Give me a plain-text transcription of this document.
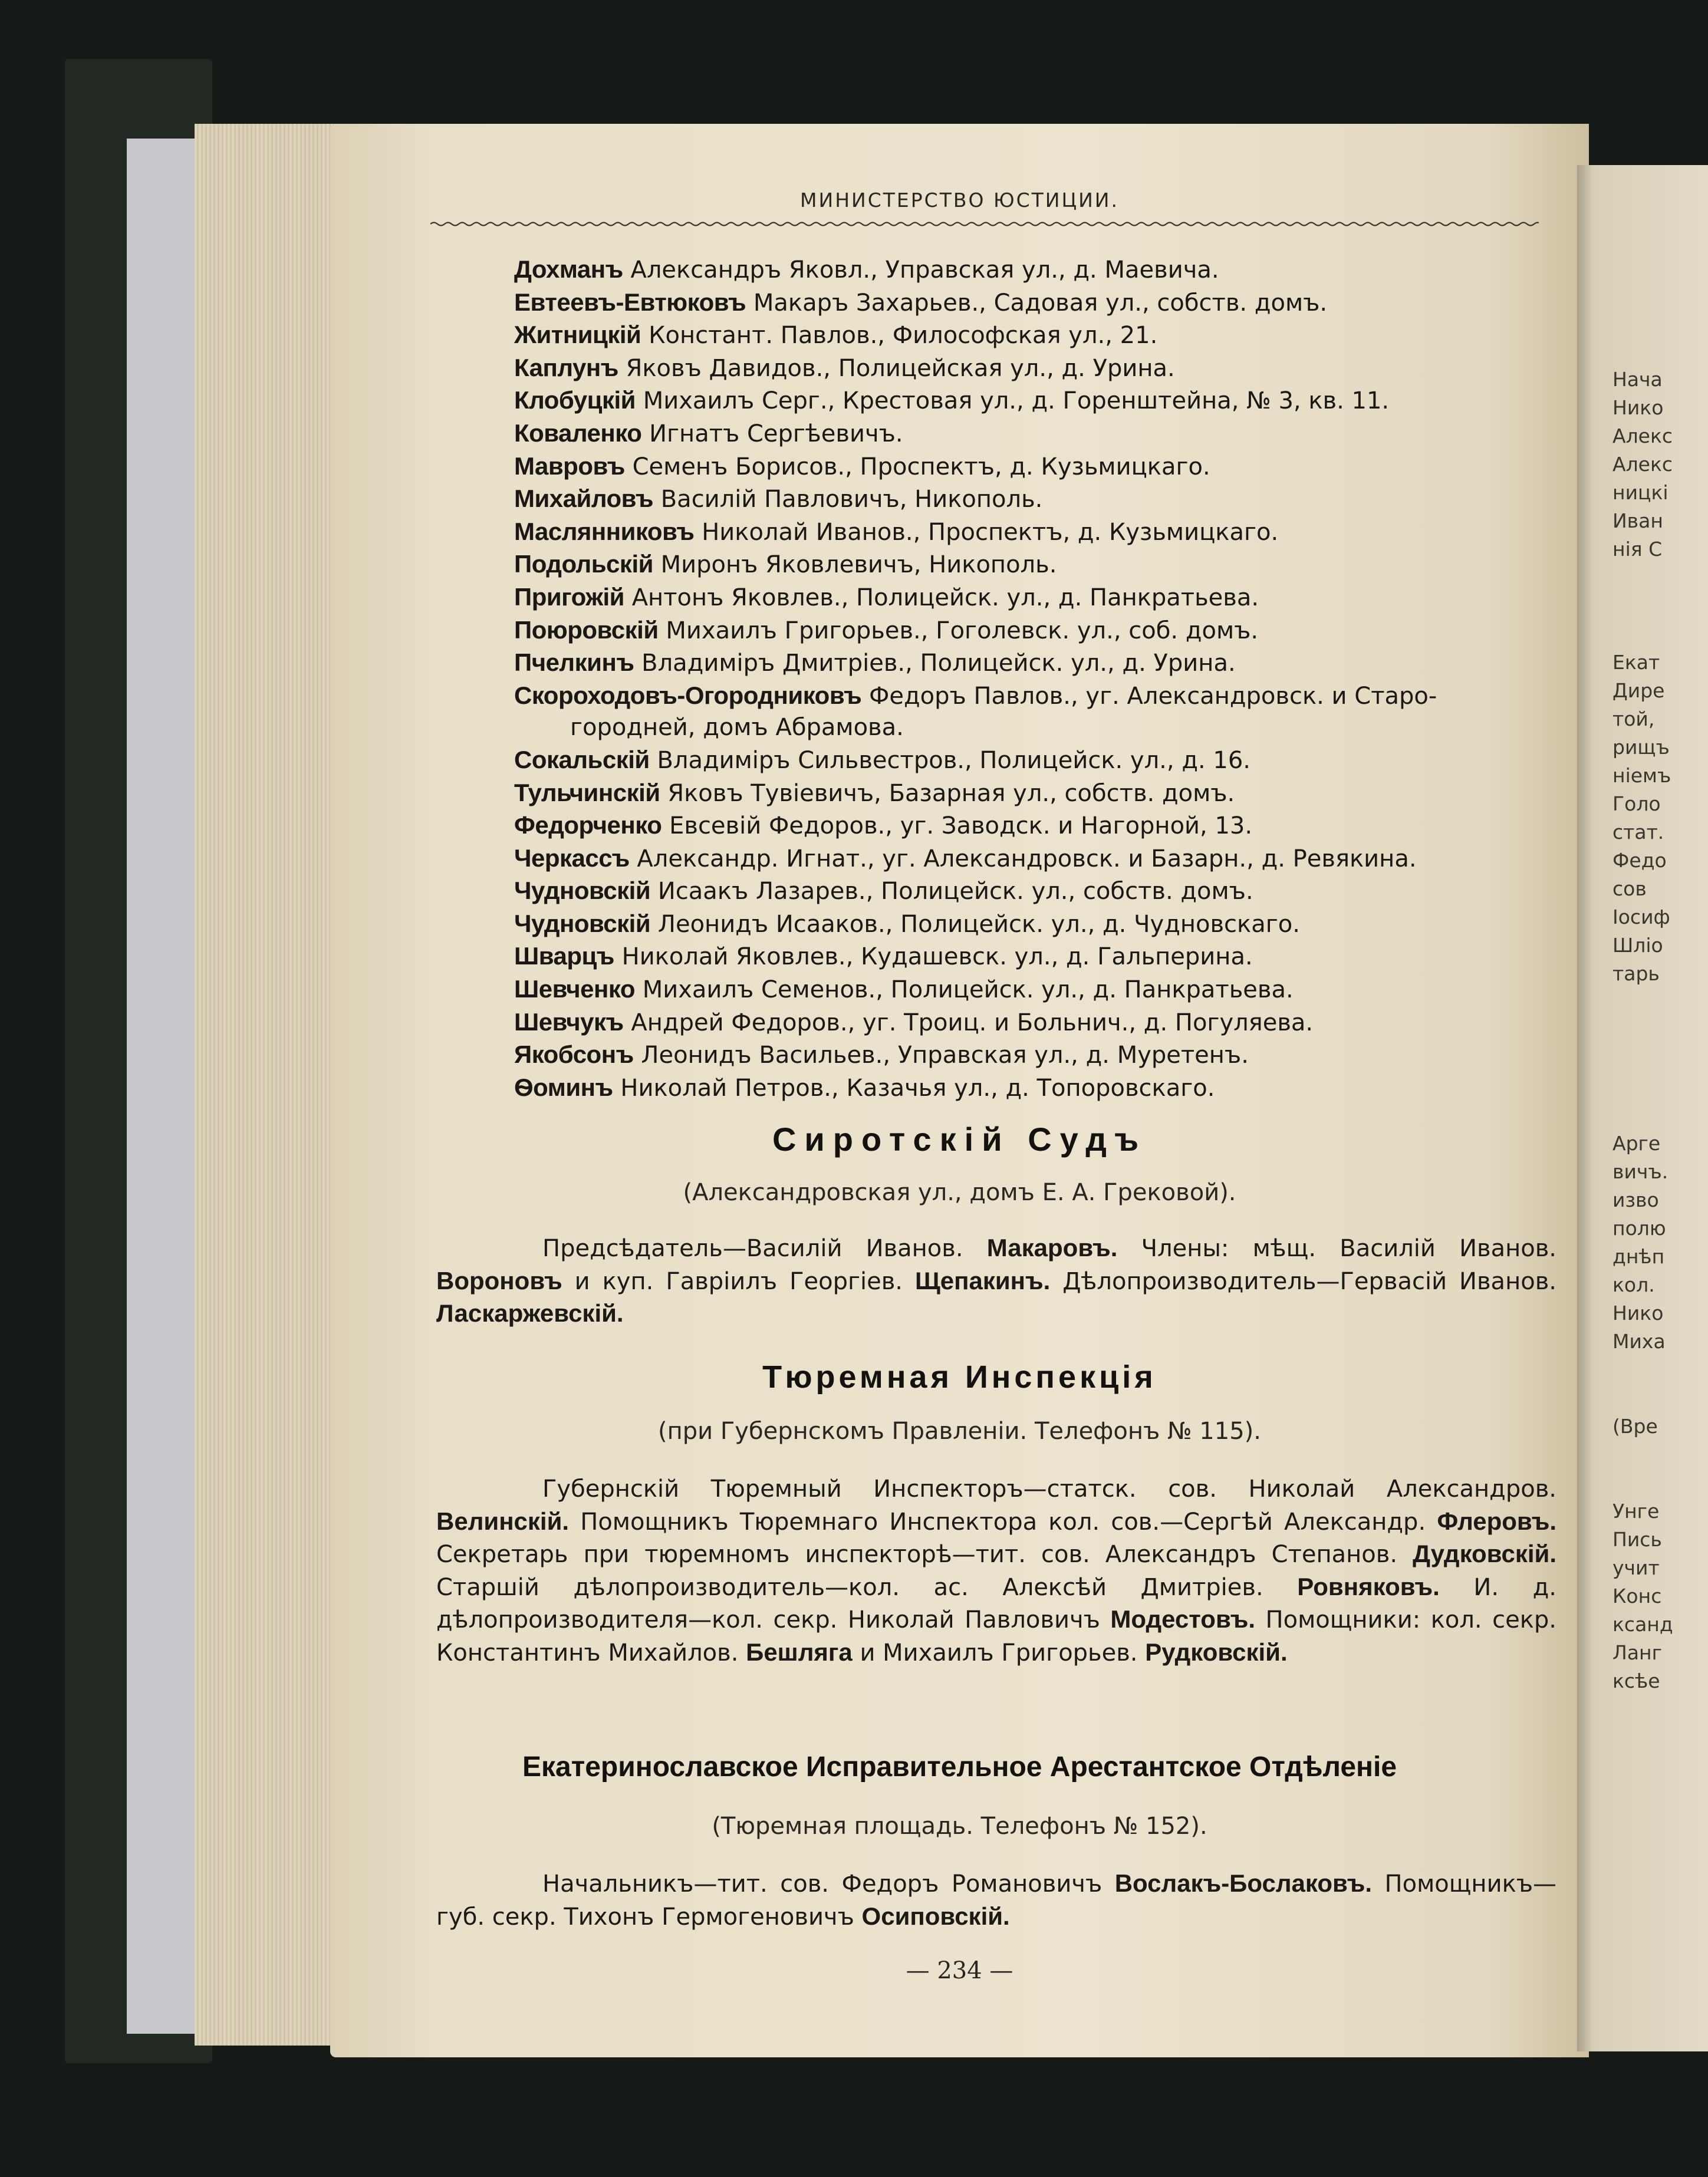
МИНИСТЕРСТВО ЮСТИЦИИ.
Дохманъ Александръ Яковл., Управская ул., д. Маевича.
Евтеевъ-Евтюковъ Макаръ Захарьев., Садовая ул., собств. домъ.
Житницкій Констант. Павлов., Философская ул., 21.
Каплунъ Яковъ Давидов., Полицейская ул., д. Урина.
Клобуцкій Михаилъ Серг., Крестовая ул., д. Горенштейна, № 3, кв. 11.
Коваленко Игнатъ Сергѣевичъ.
Мавровъ Семенъ Борисов., Проспектъ, д. Кузьмицкаго.
Михайловъ Василій Павловичъ, Никополь.
Маслянниковъ Николай Иванов., Проспектъ, д. Кузьмицкаго.
Подольскій Миронъ Яковлевичъ, Никополь.
Пригожій Антонъ Яковлев., Полицейск. ул., д. Панкратьева.
Поюровскій Михаилъ Григорьев., Гоголевск. ул., соб. домъ.
Пчелкинъ Владиміръ Дмитріев., Полицейск. ул., д. Урина.
Скороходовъ-Огородниковъ Федоръ Павлов., уг. Александровск. и Старо-
городней, домъ Абрамова.
Сокальскій Владиміръ Сильвестров., Полицейск. ул., д. 16.
Тульчинскій Яковъ Тувіевичъ, Базарная ул., собств. домъ.
Федорченко Евсевій Федоров., уг. Заводск. и Нагорной, 13.
Черкассъ Александр. Игнат., уг. Александровск. и Базарн., д. Ревякина.
Чудновскій Исаакъ Лазарев., Полицейск. ул., собств. домъ.
Чудновскій Леонидъ Исааков., Полицейск. ул., д. Чудновскаго.
Шварцъ Николай Яковлев., Кудашевск. ул., д. Гальперина.
Шевченко Михаилъ Семенов., Полицейск. ул., д. Панкратьева.
Шевчукъ Андрей Федоров., уг. Троиц. и Больнич., д. Погуляева.
Якобсонъ Леонидъ Васильев., Управская ул., д. Муретенъ.
Ѳоминъ Николай Петров., Казачья ул., д. Топоровскаго.
Сиротскій Судъ
(Александровская ул., домъ Е. А. Грековой).
Предсѣдатель—Василій Иванов. Макаровъ. Члены: мѣщ. Василій Иванов. Вороновъ и куп. Гавріилъ Георгіев. Щепакинъ. Дѣлопроизводитель—Гервасій Иванов. Ласкаржевскій.
Тюремная Инспекція
(при Губернскомъ Правленіи. Телефонъ № 115).
Губернскій Тюремный Инспекторъ—статск. сов. Николай Александров. Велинскій. Помощникъ Тюремнаго Инспектора кол. сов.—Сергѣй Александр. Флеровъ. Секретарь при тюремномъ инспекторѣ—тит. сов. Александръ Степанов. Дудковскій. Старшій дѣлопроизводитель—кол. ас. Алексѣй Дмитріев. Ровняковъ. И. д. дѣлопроизводителя—кол. секр. Николай Павловичъ Модестовъ. Помощники: кол. секр. Константинъ Михайлов. Бешляга и Михаилъ Григорьев. Рудковскій.
Екатеринославское Исправительное Арестантское Отдѣленіе
(Тюремная площадь. Телефонъ № 152).
Начальникъ—тит. сов. Федоръ Романовичъ Вослакъ-Бослаковъ. Помощникъ—губ. секр. Тихонъ Гермогеновичъ Осиповскій.
— 234 —
Нача
Нико
Алекс
Алекс
ницкі
Иван
нія С
Екат
Дире
той,
рищъ
ніемъ
Голо
стат.
Федо
сов
Іосиф
Шліо
тарь
Арге
вичъ.
изво
полю
днѣп
кол.
Нико
Миха
(Вре
Унге
Пись
учит
Конс
ксанд
Ланг
ксѣе
